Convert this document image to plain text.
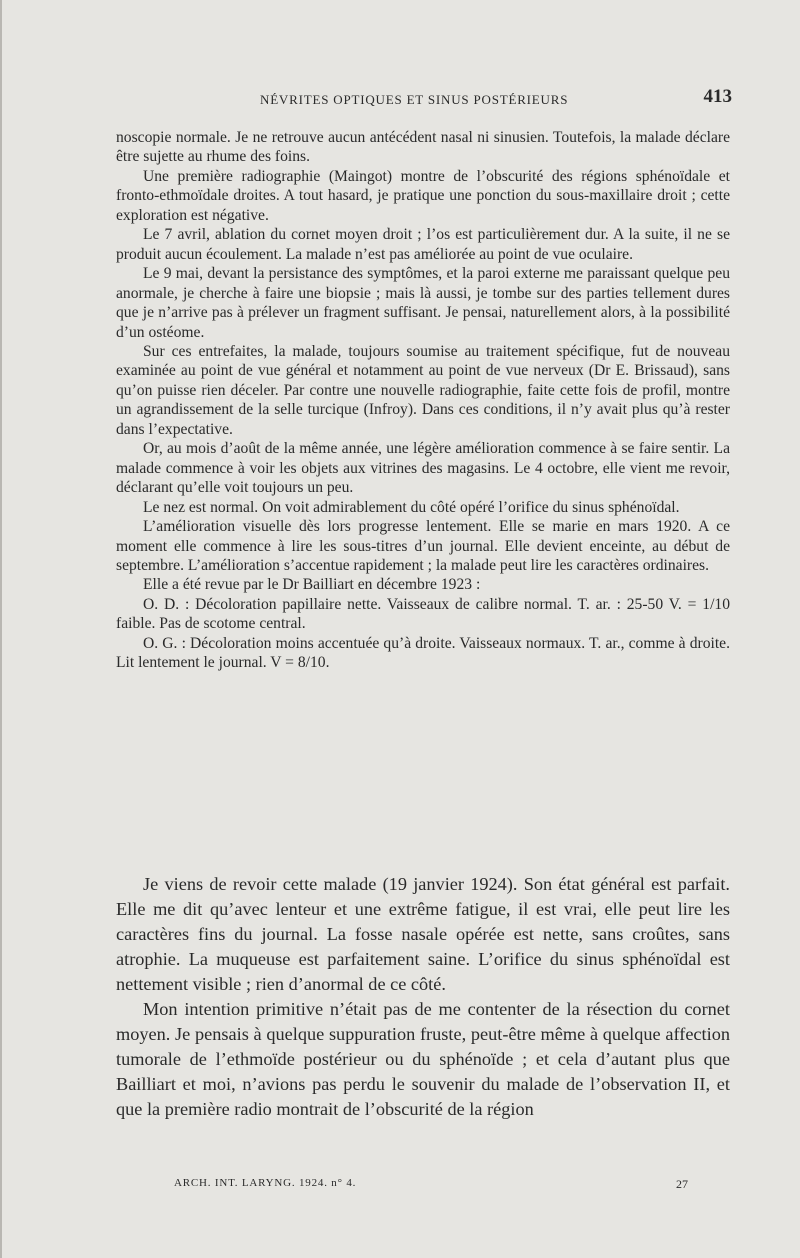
NÉVRITES OPTIQUES ET SINUS POSTÉRIEURS	413

noscopie normale. Je ne retrouve aucun antécédent nasal ni sinusien. Toutefois, la malade déclare être sujette au rhume des foins.

Une première radiographie (Maingot) montre de l’obscurité des régions sphénoïdale et fronto-ethmoïdale droites. A tout hasard, je pratique une ponction du sous-maxillaire droit ; cette exploration est négative.

Le 7 avril, ablation du cornet moyen droit ; l’os est particulièrement dur. A la suite, il ne se produit aucun écoulement. La malade n’est pas améliorée au point de vue oculaire.

Le 9 mai, devant la persistance des symptômes, et la paroi externe me paraissant quelque peu anormale, je cherche à faire une biopsie ; mais là aussi, je tombe sur des parties tellement dures que je n’arrive pas à prélever un fragment suffisant. Je pensai, naturellement alors, à la possibilité d’un ostéome.

Sur ces entrefaites, la malade, toujours soumise au traitement spécifique, fut de nouveau examinée au point de vue général et notamment au point de vue nerveux (Dr E. Brissaud), sans qu’on puisse rien déceler. Par contre une nouvelle radiographie, faite cette fois de profil, montre un agrandissement de la selle turcique (Infroy). Dans ces conditions, il n’y avait plus qu’à rester dans l’expectative.

Or, au mois d’août de la même année, une légère amélioration commence à se faire sentir. La malade commence à voir les objets aux vitrines des magasins. Le 4 octobre, elle vient me revoir, déclarant qu’elle voit toujours un peu.

Le nez est normal. On voit admirablement du côté opéré l’orifice du sinus sphénoïdal.

L’amélioration visuelle dès lors progresse lentement. Elle se marie en mars 1920. A ce moment elle commence à lire les sous-titres d’un journal. Elle devient enceinte, au début de septembre. L’amélioration s’accentue rapidement ; la malade peut lire les caractères ordinaires.

Elle a été revue par le Dr Bailliart en décembre 1923 :

O. D. : Décoloration papillaire nette. Vaisseaux de calibre normal. T. ar. : 25-50 V. = 1/10 faible. Pas de scotome central.

O. G. : Décoloration moins accentuée qu’à droite. Vaisseaux normaux. T. ar., comme à droite. Lit lentement le journal. V = 8/10.

Je viens de revoir cette malade (19 janvier 1924). Son état général est parfait. Elle me dit qu’avec lenteur et une extrême fatigue, il est vrai, elle peut lire les caractères fins du journal. La fosse nasale opérée est nette, sans croûtes, sans atrophie. La muqueuse est parfaitement saine. L’orifice du sinus sphénoïdal est nettement visible ; rien d’anormal de ce côté.

Mon intention primitive n’était pas de me contenter de la résection du cornet moyen. Je pensais à quelque suppuration fruste, peut-être même à quelque affection tumorale de l’ethmoïde postérieur ou du sphénoïde ; et cela d’autant plus que Bailliart et moi, n’avions pas perdu le souvenir du malade de l’observation II, et que la première radio montrait de l’obscurité de la région

ARCH. INT. LARYNG. 1924. n° 4.	27
